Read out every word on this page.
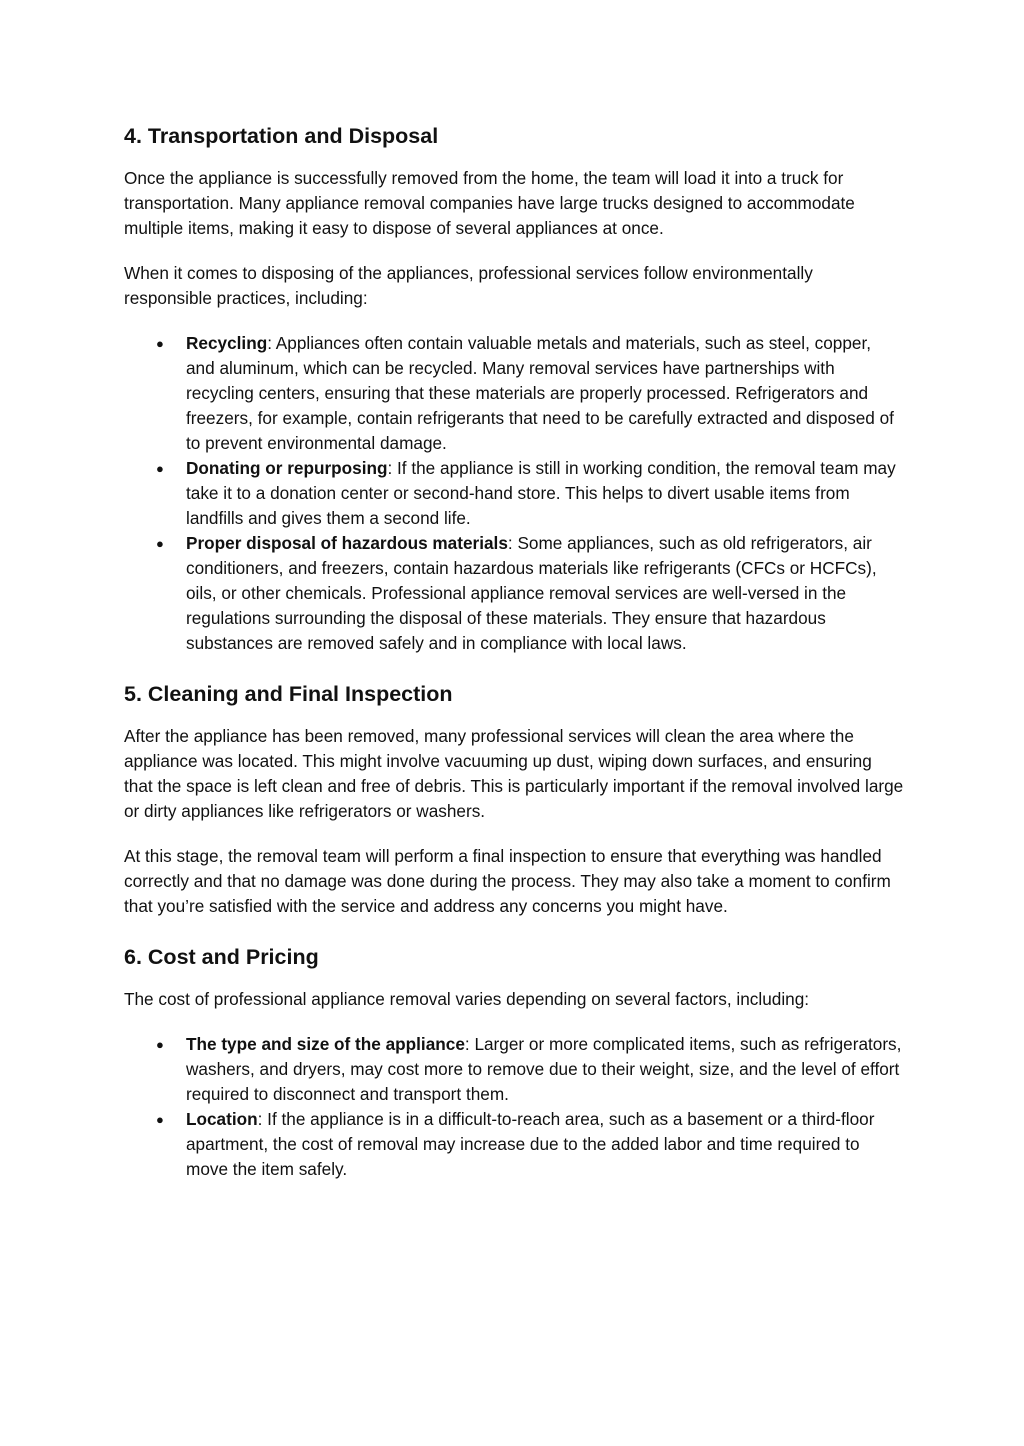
4. Transportation and Disposal

Once the appliance is successfully removed from the home, the team will load it into a truck for transportation. Many appliance removal companies have large trucks designed to accommodate multiple items, making it easy to dispose of several appliances at once.

When it comes to disposing of the appliances, professional services follow environmentally responsible practices, including:

● Recycling: Appliances often contain valuable metals and materials, such as steel, copper, and aluminum, which can be recycled. Many removal services have partnerships with recycling centers, ensuring that these materials are properly processed. Refrigerators and freezers, for example, contain refrigerants that need to be carefully extracted and disposed of to prevent environmental damage.
● Donating or repurposing: If the appliance is still in working condition, the removal team may take it to a donation center or second-hand store. This helps to divert usable items from landfills and gives them a second life.
● Proper disposal of hazardous materials: Some appliances, such as old refrigerators, air conditioners, and freezers, contain hazardous materials like refrigerants (CFCs or HCFCs), oils, or other chemicals. Professional appliance removal services are well-versed in the regulations surrounding the disposal of these materials. They ensure that hazardous substances are removed safely and in compliance with local laws.
5. Cleaning and Final Inspection

After the appliance has been removed, many professional services will clean the area where the appliance was located. This might involve vacuuming up dust, wiping down surfaces, and ensuring that the space is left clean and free of debris. This is particularly important if the removal involved large or dirty appliances like refrigerators or washers.

At this stage, the removal team will perform a final inspection to ensure that everything was handled correctly and that no damage was done during the process. They may also take a moment to confirm that you’re satisfied with the service and address any concerns you might have.

6. Cost and Pricing

The cost of professional appliance removal varies depending on several factors, including:

● The type and size of the appliance: Larger or more complicated items, such as refrigerators, washers, and dryers, may cost more to remove due to their weight, size, and the level of effort required to disconnect and transport them.
● Location: If the appliance is in a difficult-to-reach area, such as a basement or a third-floor apartment, the cost of removal may increase due to the added labor and time required to move the item safely.
